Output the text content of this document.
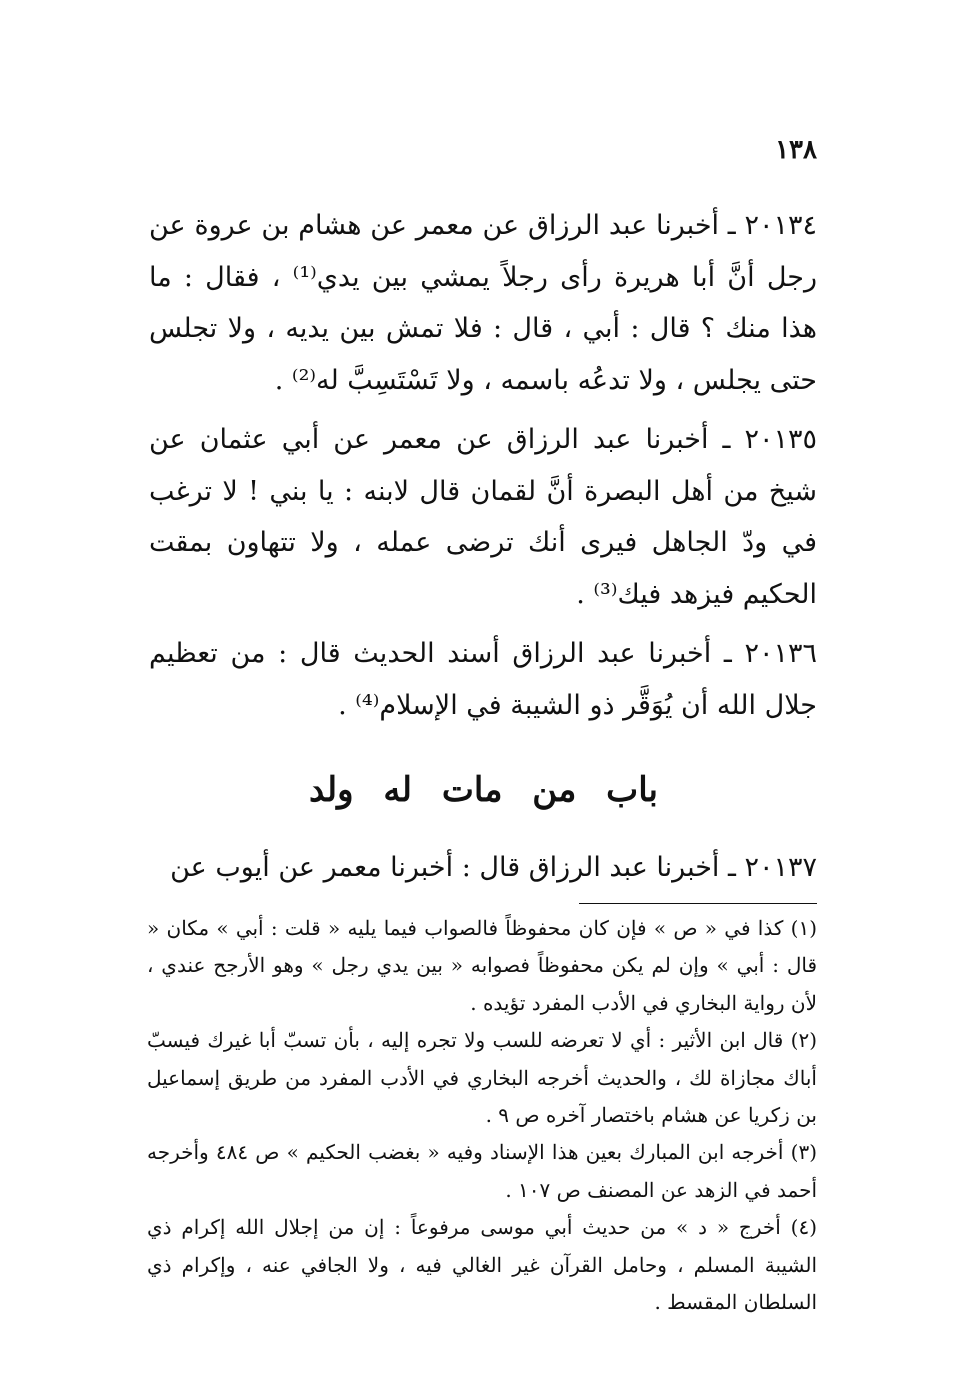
١٣٨

٢٠١٣٤ ـ أخبرنا عبد الرزاق عن معمر عن هشام بن عروة عن رجل أنَّ أبا هريرة رأى رجلاً يمشي بين يدي⁽¹⁾ ، فقال : ما هذا منك ؟ قال : أبي ، قال : فلا تمش بين يديه ، ولا تجلس حتى يجلس ، ولا تدعُه باسمه ، ولا تَسْتَسِبَّ له⁽²⁾ .

٢٠١٣٥ ـ أخبرنا عبد الرزاق عن معمر عن أبي عثمان عن شيخ من أهل البصرة أنَّ لقمان قال لابنه : يا بني ! لا ترغب في ودّ الجاهل فيرى أنك ترضى عمله ، ولا تتهاون بمقت الحكيم فيزهد فيك⁽³⁾ .

٢٠١٣٦ ـ أخبرنا عبد الرزاق أسند الحديث قال : من تعظيم جلال الله أن يُوَقَّر ذو الشيبة في الإسلام⁽⁴⁾ .

باب من مات له ولد
٢٠١٣٧ ـ أخبرنا عبد الرزاق قال : أخبرنا معمر عن أيوب عن

(١) كذا في « ص » فإن كان محفوظاً فالصواب فيما يليه « قلت : أبي » مكان « قال : أبي » وإن لم يكن محفوظاً فصوابه « بين يدي رجل » وهو الأرجح عندي ، لأن رواية البخاري في الأدب المفرد تؤيده .

(٢) قال ابن الأثير : أي لا تعرضه للسب ولا تجره إليه ، بأن تسبّ أبا غيرك فيسبّ أباك مجازاة لك ، والحديث أخرجه البخاري في الأدب المفرد من طريق إسماعيل بن زكريا عن هشام باختصار آخره ص ٩ .

(٣) أخرجه ابن المبارك بعين هذا الإسناد وفيه « بغضب الحكيم » ص ٤٨٤ وأخرجه أحمد في الزهد عن المصنف ص ١٠٧ .

(٤) أخرج « د » من حديث أبي موسى مرفوعاً : إن من إجلال الله إكرام ذي الشيبة المسلم ، وحامل القرآن غير الغالي فيه ، ولا الجافي عنه ، وإكرام ذي السلطان المقسط .
